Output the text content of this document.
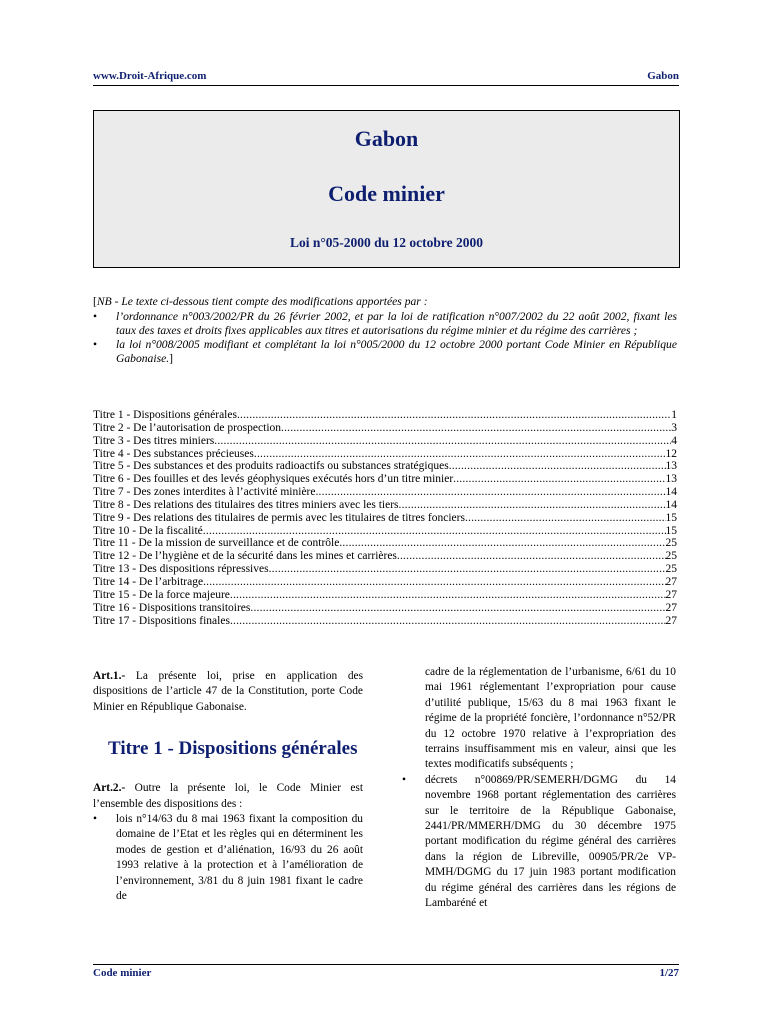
www.Droit-Afrique.com	Gabon
Gabon
Code minier
Loi n°05-2000 du 12 octobre 2000
[NB - Le texte ci-dessous tient compte des modifications apportées par :
• l’ordonnance n°003/2002/PR du 26 février 2002, et par la loi de ratification n°007/2002 du 22 août 2002, fixant les taux des taxes et droits fixes applicables aux titres et autorisations du régime minier et du régime des carrières ;
• la loi n°008/2005 modifiant et complétant la loi n°005/2000 du 12 octobre 2000 portant Code Minier en République Gabonaise.]
Titre 1 - Dispositions générales .....	1
Titre 2 - De l’autorisation de prospection .....	3
Titre 3 - Des titres miniers .....	4
Titre 4 - Des substances précieuses .....	12
Titre 5 - Des substances et des produits radioactifs ou substances stratégiques .....	13
Titre 6 - Des fouilles et des levés géophysiques exécutés hors d’un titre minier .....	13
Titre 7 - Des zones interdites à l’activité minière .....	14
Titre 8 - Des relations des titulaires des titres miniers avec les tiers .....	14
Titre 9 - Des relations des titulaires de permis avec les titulaires de titres fonciers .....	15
Titre 10 - De la fiscalité .....	15
Titre 11 - De la mission de surveillance et de contrôle .....	25
Titre 12 - De l’hygiène et de la sécurité dans les mines et carrières .....	25
Titre 13 - Des dispositions répressives .....	25
Titre 14 - De l’arbitrage .....	27
Titre 15 - De la force majeure .....	27
Titre 16 - Dispositions transitoires .....	27
Titre 17 - Dispositions finales .....	27

Art.1.- La présente loi, prise en application des dispositions de l’article 47 de la Constitution, porte Code Minier en République Gabonaise.

Titre 1 - Dispositions générales

Art.2.- Outre la présente loi, le Code Minier est l’ensemble des dispositions des :

• lois n°14/63 du 8 mai 1963 fixant la composition du domaine de l’Etat et les règles qui en déterminent les modes de gestion et d’aliénation, 16/93 du 26 août 1993 relative à la protection et à l’amélioration de l’environnement, 3/81 du 8 juin 1981 fixant le cadre de

cadre de la réglementation de l’urbanisme, 6/61 du 10 mai 1961 réglementant l’expropriation pour cause d’utilité publique, 15/63 du 8 mai 1963 fixant le régime de la propriété foncière, l’ordonnance n°52/PR du 12 octobre 1970 relative à l’expropriation des terrains insuffisamment mis en valeur, ainsi que les textes modificatifs subséquents ;

• décrets n°00869/PR/SEMERH/DGMG du 14 novembre 1968 portant réglementation des carrières sur le territoire de la République Gabonaise, 2441/PR/MMERH/DMG du 30 décembre 1975 portant modification du régime général des carrières dans la région de Libreville, 00905/PR/2e VP-MMH/DGMG du 17 juin 1983 portant modification du régime général des carrières dans les régions de Lambaréné et
Code minier	1/27
